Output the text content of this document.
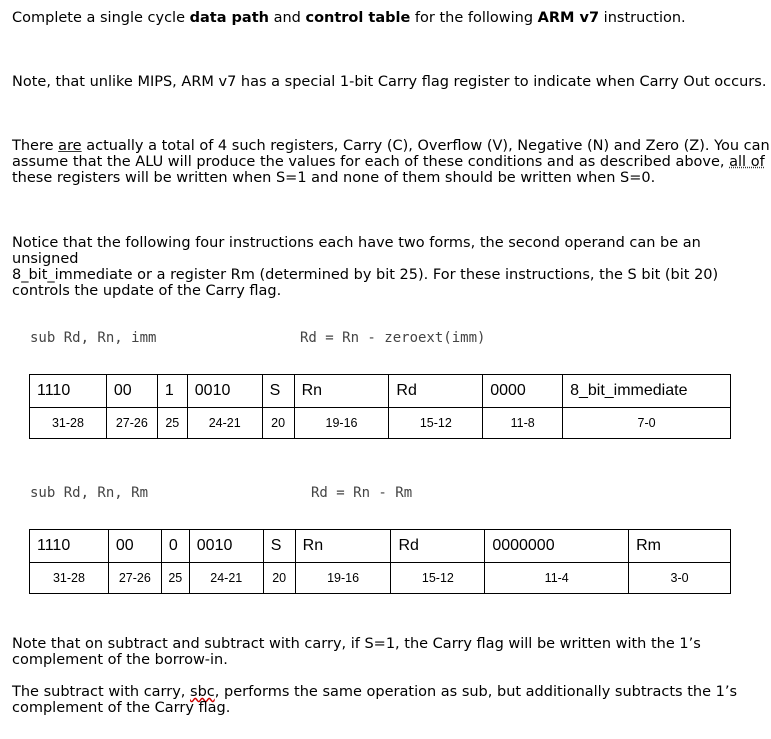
Complete a single cycle data path and control table for the following ARM v7 instruction.
Note, that unlike MIPS, ARM v7 has a special 1-bit Carry flag register to indicate when Carry Out occurs.
There are actually a total of 4 such registers, Carry (C), Overflow (V), Negative (N) and Zero (Z). You can
assume that the ALU will produce the values for each of these conditions and as described above, all of
these registers will be written when S=1 and none of them should be written when S=0.
Notice that the following four instructions each have two forms, the second operand can be an unsigned
8_bit_immediate or a register Rm (determined by bit 25). For these instructions, the S bit (bit 20)
controls the update of the Carry flag.
sub Rd, Rn, imm	Rd = Rn - zeroext(imm)
1110	00	1	0010	S	Rn	Rd	0000	8_bit_immediate
31-28	27-26	25	24-21	20	19-16	15-12	11-8	7-0
sub Rd, Rn, Rm	Rd = Rn - Rm
1110	00	0	0010	S	Rn	Rd	0000000	Rm
31-28	27-26	25	24-21	20	19-16	15-12	11-4	3-0
Note that on subtract and subtract with carry, if S=1, the Carry flag will be written with the 1’s
complement of the borrow-in.
The subtract with carry, sbc, performs the same operation as sub, but additionally subtracts the 1’s
complement of the Carry flag.
